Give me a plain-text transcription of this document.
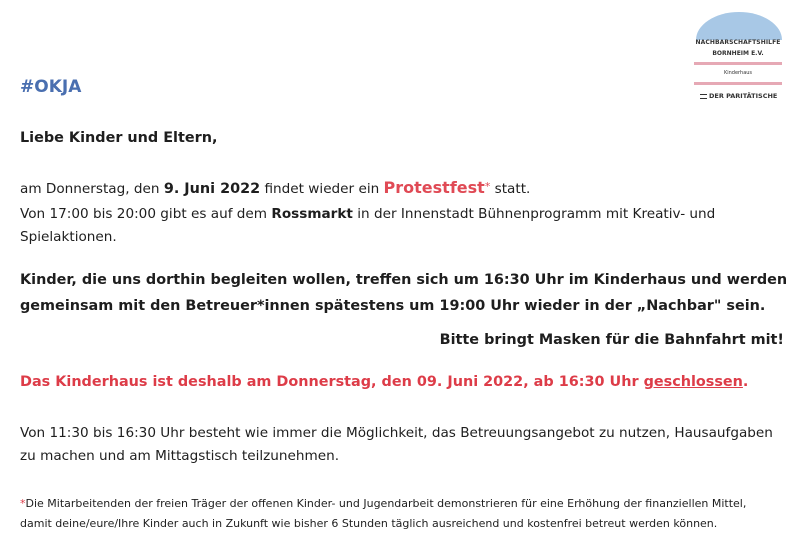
NACHBARSCHAFTSHILFE
BORNHEIM E.V.
Kinderhaus
DER PARITÄTISCHE
#OKJA
Liebe Kinder und Eltern,
am Donnerstag, den 9. Juni 2022 findet wieder ein Protestfest* statt.
Von 17:00 bis 20:00 gibt es auf dem Rossmarkt in der Innenstadt Bühnenprogramm mit Kreativ- und
Spielaktionen.
Kinder, die uns dorthin begleiten wollen, treffen sich um 16:30 Uhr im Kinderhaus und werden
gemeinsam mit den Betreuer*innen spätestens um 19:00 Uhr wieder in der „Nachbar" sein.
Bitte bringt Masken für die Bahnfahrt mit!
Das Kinderhaus ist deshalb am Donnerstag, den 09. Juni 2022, ab 16:30 Uhr geschlossen.
Von 11:30 bis 16:30 Uhr besteht wie immer die Möglichkeit, das Betreuungsangebot zu nutzen, Hausaufgaben
zu machen und am Mittagstisch teilzunehmen.
*Die Mitarbeitenden der freien Träger der offenen Kinder- und Jugendarbeit demonstrieren für eine Erhöhung der finanziellen Mittel,
damit deine/eure/Ihre Kinder auch in Zukunft wie bisher 6 Stunden täglich ausreichend und kostenfrei betreut werden können.
